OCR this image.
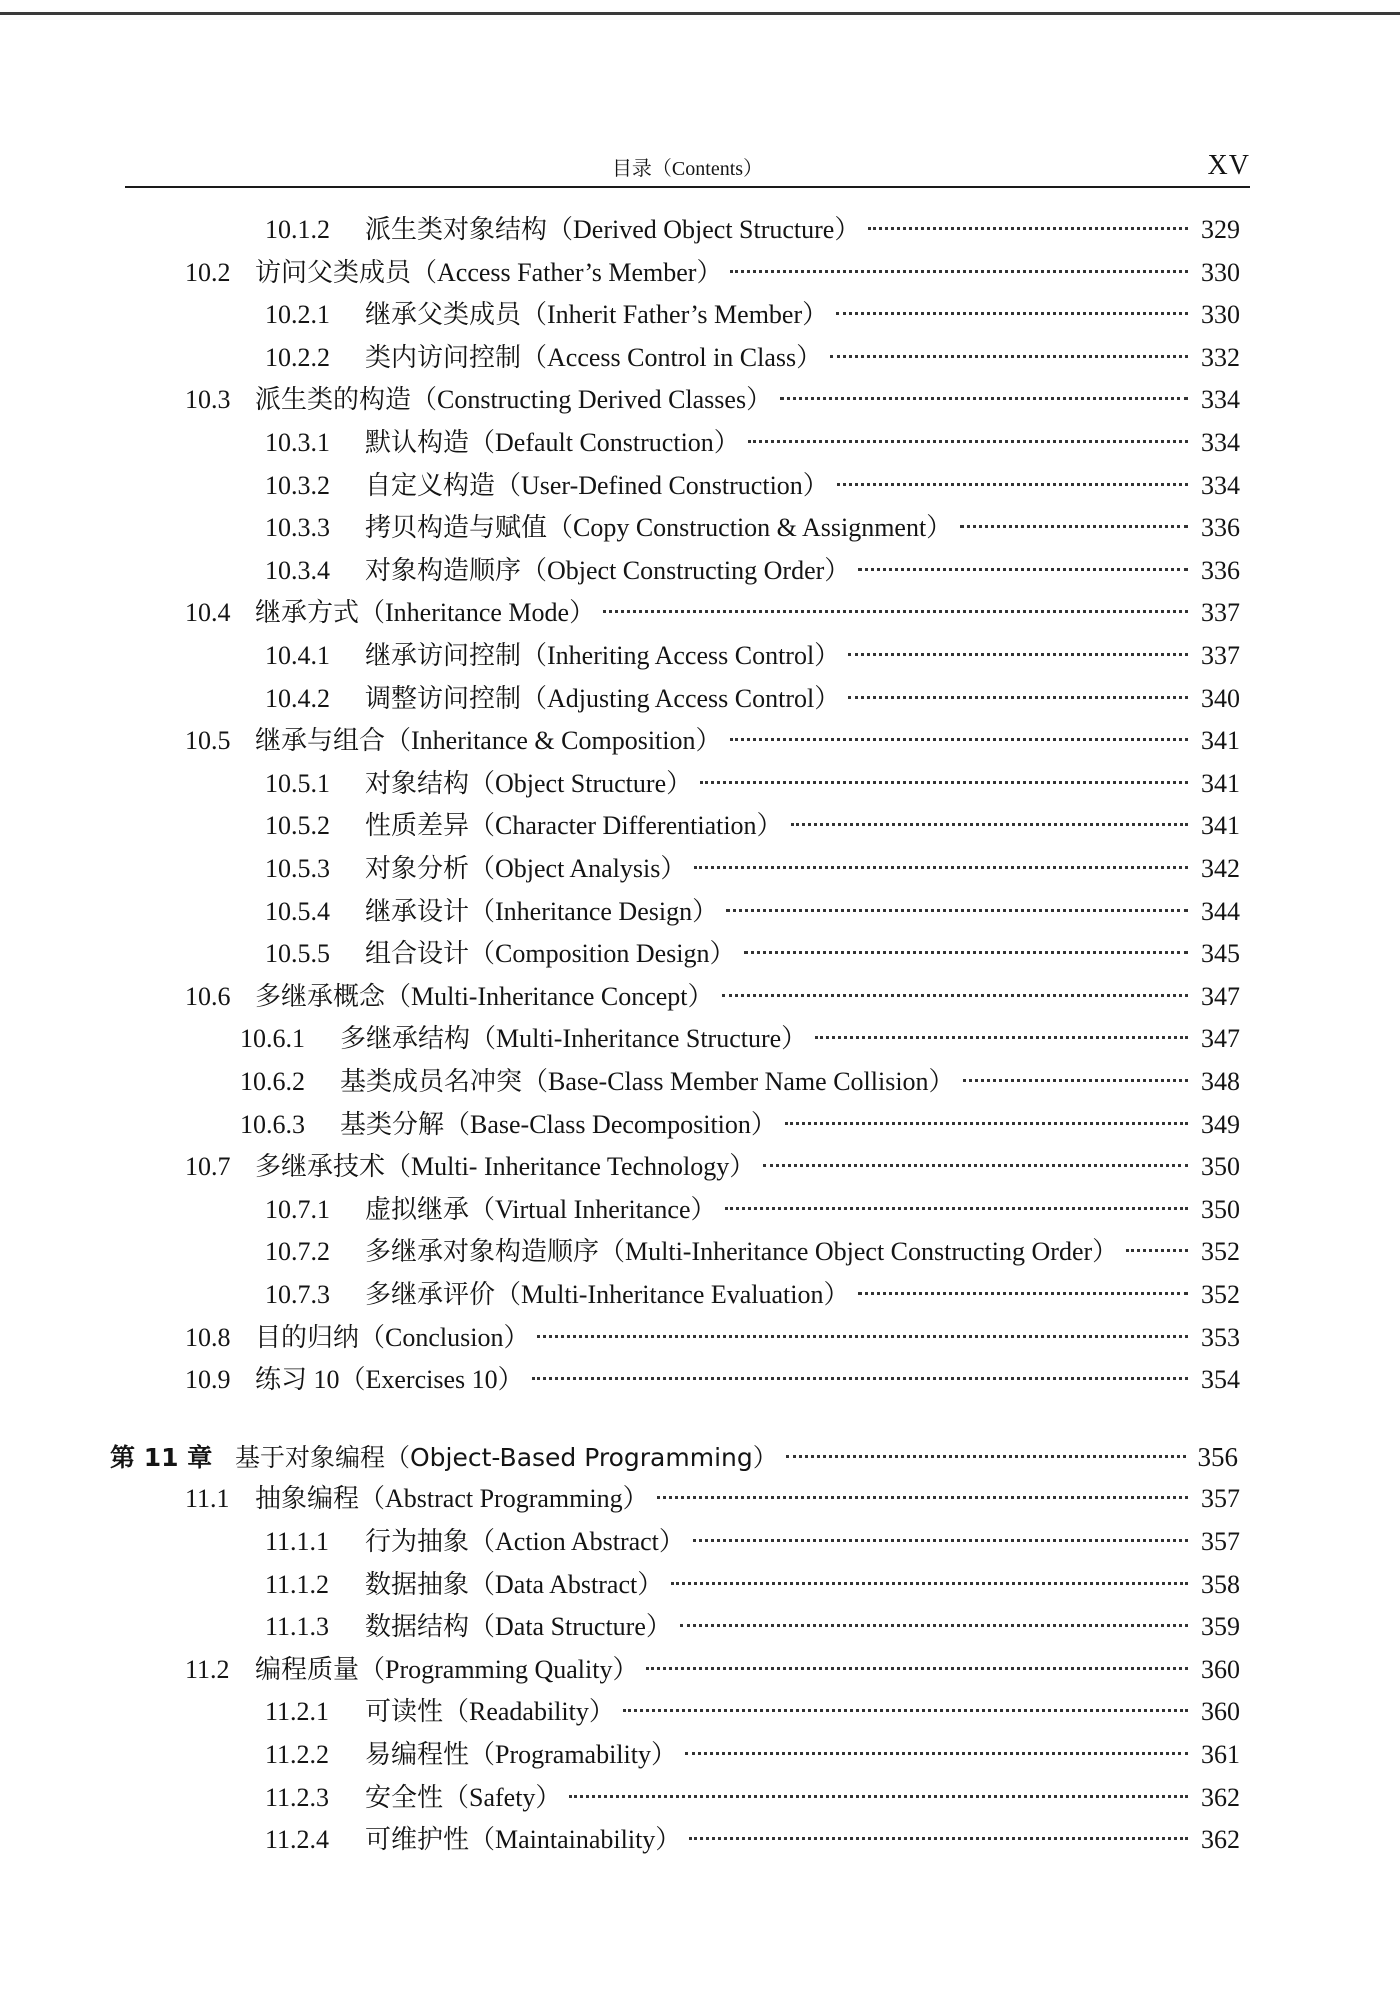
目录（Contents）	XV
10.1.2	派生类对象结构（Derived Object Structure）	329
10.2 访问父类成员（Access Father’s Member）	330
10.2.1	继承父类成员（Inherit Father’s Member）	330
10.2.2	类内访问控制（Access Control in Class）	332
10.3 派生类的构造（Constructing Derived Classes）	334
10.3.1	默认构造（Default Construction）	334
10.3.2	自定义构造（User-Defined Construction）	334
10.3.3	拷贝构造与赋值（Copy Construction & Assignment）	336
10.3.4	对象构造顺序（Object Constructing Order）	336
10.4 继承方式（Inheritance Mode）	337
10.4.1	继承访问控制（Inheriting Access Control）	337
10.4.2	调整访问控制（Adjusting Access Control）	340
10.5 继承与组合（Inheritance & Composition）	341
10.5.1	对象结构（Object Structure）	341
10.5.2	性质差异（Character Differentiation）	341
10.5.3	对象分析（Object Analysis）	342
10.5.4	继承设计（Inheritance Design）	344
10.5.5	组合设计（Composition Design）	345
10.6 多继承概念（Multi-Inheritance Concept）	347
10.6.1	多继承结构（Multi-Inheritance Structure）	347
10.6.2	基类成员名冲突（Base-Class Member Name Collision）	348
10.6.3	基类分解（Base-Class Decomposition）	349
10.7 多继承技术（Multi- Inheritance Technology）	350
10.7.1	虚拟继承（Virtual Inheritance）	350
10.7.2	多继承对象构造顺序（Multi-Inheritance Object Constructing Order）	352
10.7.3	多继承评价（Multi-Inheritance Evaluation）	352
10.8 目的归纳（Conclusion）	353
10.9 练习 10（Exercises 10）	354
第 11 章 基于对象编程（Object-Based Programming）	356
11.1 抽象编程（Abstract Programming）	357
11.1.1	行为抽象（Action Abstract）	357
11.1.2	数据抽象（Data Abstract）	358
11.1.3	数据结构（Data Structure）	359
11.2 编程质量（Programming Quality）	360
11.2.1	可读性（Readability）	360
11.2.2	易编程性（Programability）	361
11.2.3	安全性（Safety）	362
11.2.4	可维护性（Maintainability）	362
